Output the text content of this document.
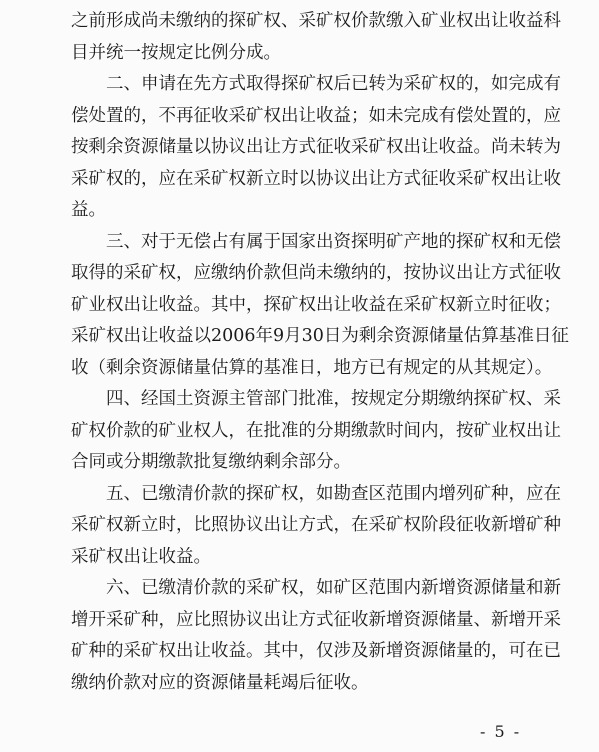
之前形成尚未缴纳的探矿权、采矿权价款缴入矿业权出让收益科
目并统一按规定比例分成。
二、申请在先方式取得探矿权后已转为采矿权的，如完成有
偿处置的，不再征收采矿权出让收益；如未完成有偿处置的，应
按剩余资源储量以协议出让方式征收采矿权出让收益。尚未转为
采矿权的，应在采矿权新立时以协议出让方式征收采矿权出让收
益。
三、对于无偿占有属于国家出资探明矿产地的探矿权和无偿
取得的采矿权，应缴纳价款但尚未缴纳的，按协议出让方式征收
矿业权出让收益。其中，探矿权出让收益在采矿权新立时征收；
采矿权出让收益以2006年9月30日为剩余资源储量估算基准日征
收（剩余资源储量估算的基准日，地方已有规定的从其规定）。
四、经国土资源主管部门批准，按规定分期缴纳探矿权、采
矿权价款的矿业权人，在批准的分期缴款时间内，按矿业权出让
合同或分期缴款批复缴纳剩余部分。
五、已缴清价款的探矿权，如勘查区范围内增列矿种，应在
采矿权新立时，比照协议出让方式，在采矿权阶段征收新增矿种
采矿权出让收益。
六、已缴清价款的采矿权，如矿区范围内新增资源储量和新
增开采矿种，应比照协议出让方式征收新增资源储量、新增开采
矿种的采矿权出让收益。其中，仅涉及新增资源储量的，可在已
缴纳价款对应的资源储量耗竭后征收。
- 5 -
